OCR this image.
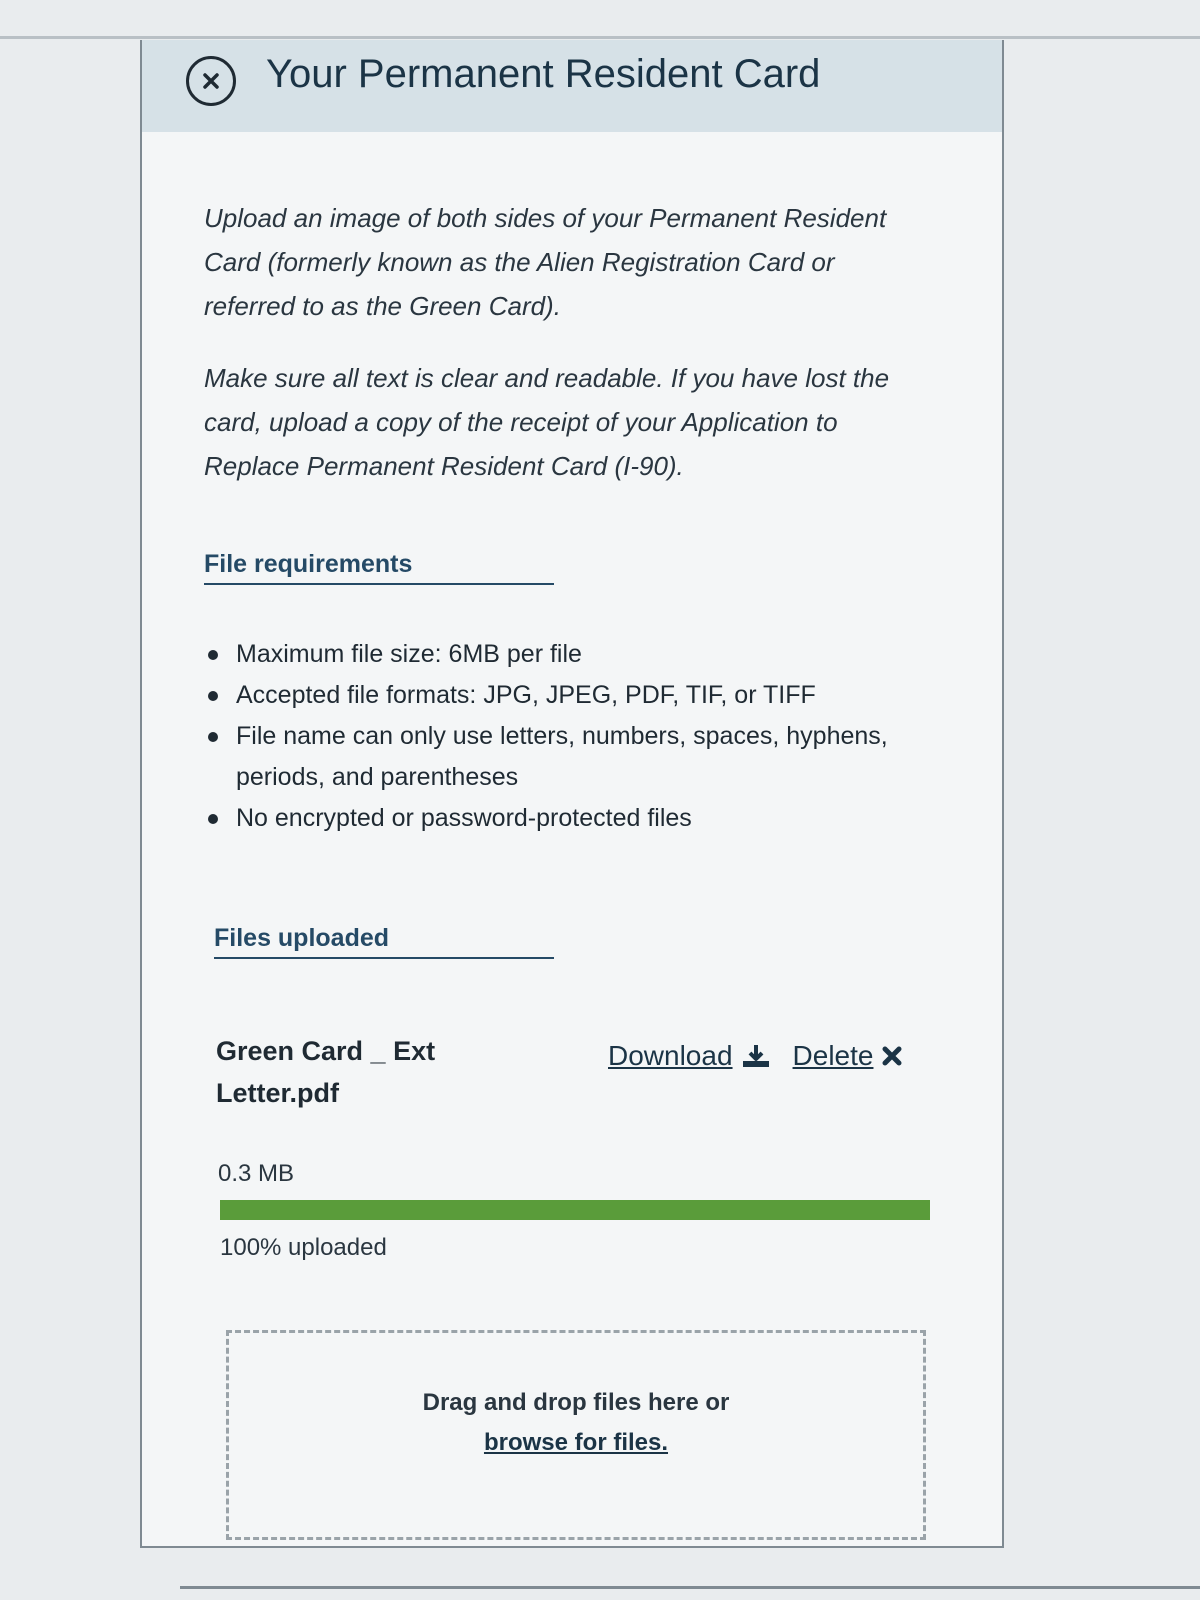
Your Permanent Resident Card

Upload an image of both sides of your Permanent Resident Card (formerly known as the Alien Registration Card or referred to as the Green Card).

Make sure all text is clear and readable. If you have lost the card, upload a copy of the receipt of your Application to Replace Permanent Resident Card (I-90).

File requirements
Maximum file size: 6MB per file
Accepted file formats: JPG, JPEG, PDF, TIF, or TIFF
File name can only use letters, numbers, spaces, hyphens, periods, and parentheses
No encrypted or password-protected files
Files uploaded
Green Card _ Ext Letter.pdf
Download Delete
0.3 MB
100% uploaded
Drag and drop files here or
browse for files.
